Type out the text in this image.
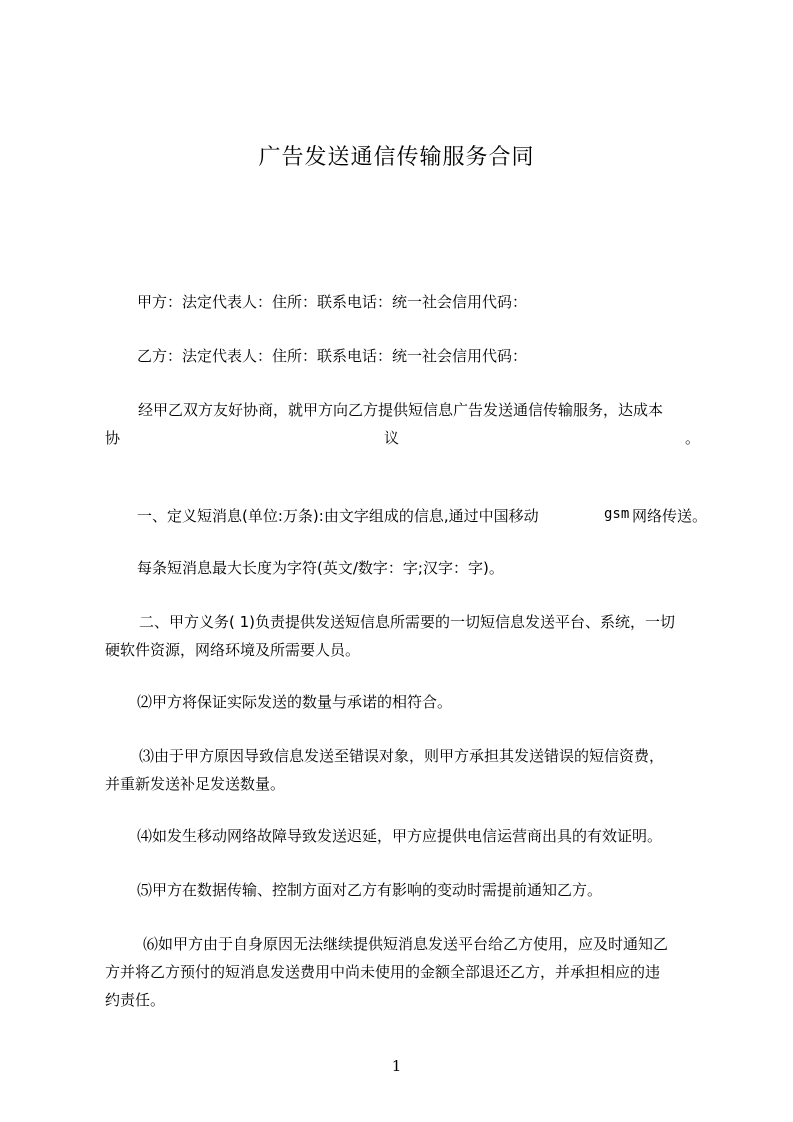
广告发送通信传输服务合同
甲方：法定代表人：住所：联系电话：统一社会信用代码：
乙方：法定代表人：住所：联系电话：统一社会信用代码：
经甲乙双方友好协商，就甲方向乙方提供短信息广告发送通信传输服务，达成本
协	议	。
一、定义短消息(单位:万条):由文字组成的信息,通过中国移动	gsm 网络传送。
每条短消息最大长度为字符(英文/数字：字;汉字：字)。
二、甲方义务( 1)负责提供发送短信息所需要的一切短信息发送平台、系统，一切
硬软件资源，网络环境及所需要人员。
⑵甲方将保证实际发送的数量与承诺的相符合。
⑶由于甲方原因导致信息发送至错误对象，则甲方承担其发送错误的短信资费，
并重新发送补足发送数量。
⑷如发生移动网络故障导致发送迟延，甲方应提供电信运营商出具的有效证明。
⑸甲方在数据传输、控制方面对乙方有影响的变动时需提前通知乙方。
⑹如甲方由于自身原因无法继续提供短消息发送平台给乙方使用，应及时通知乙
方并将乙方预付的短消息发送费用中尚未使用的金额全部退还乙方，并承担相应的违
约责任。
1
